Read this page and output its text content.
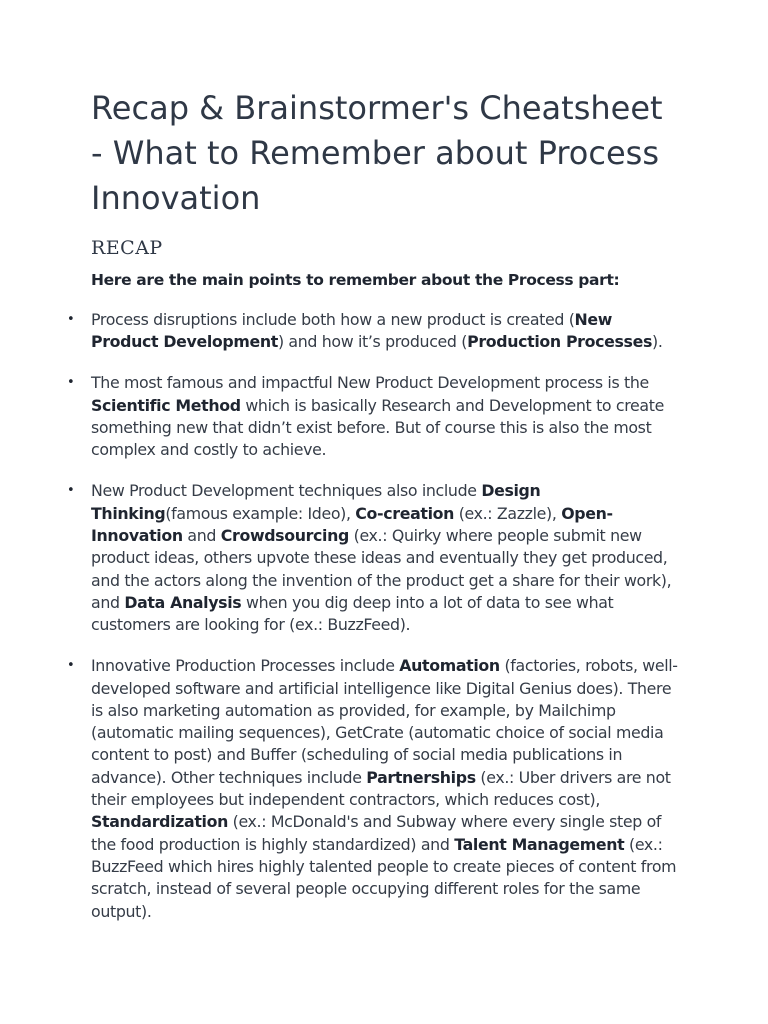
Recap & Brainstormer's Cheatsheet - What to Remember about Process Innovation
RECAP

Here are the main points to remember about the Process part:

• Process disruptions include both how a new product is created (New Product Development) and how it’s produced (Production Processes).
• The most famous and impactful New Product Development process is the Scientific Method which is basically Research and Development to create something new that didn’t exist before. But of course this is also the most complex and costly to achieve.
• New Product Development techniques also include Design Thinking(famous example: Ideo), Co-creation (ex.: Zazzle), Open-Innovation and Crowdsourcing (ex.: Quirky where people submit new product ideas, others upvote these ideas and eventually they get produced, and the actors along the invention of the product get a share for their work), and Data Analysis when you dig deep into a lot of data to see what customers are looking for (ex.: BuzzFeed).
• Innovative Production Processes include Automation (factories, robots, well-developed software and artificial intelligence like Digital Genius does). There is also marketing automation as provided, for example, by Mailchimp (automatic mailing sequences), GetCrate (automatic choice of social media content to post) and Buffer (scheduling of social media publications in advance). Other techniques include Partnerships (ex.: Uber drivers are not their employees but independent contractors, which reduces cost), Standardization (ex.: McDonald's and Subway where every single step of the food production is highly standardized) and Talent Management (ex.: BuzzFeed which hires highly talented people to create pieces of content from scratch, instead of several people occupying different roles for the same output).
